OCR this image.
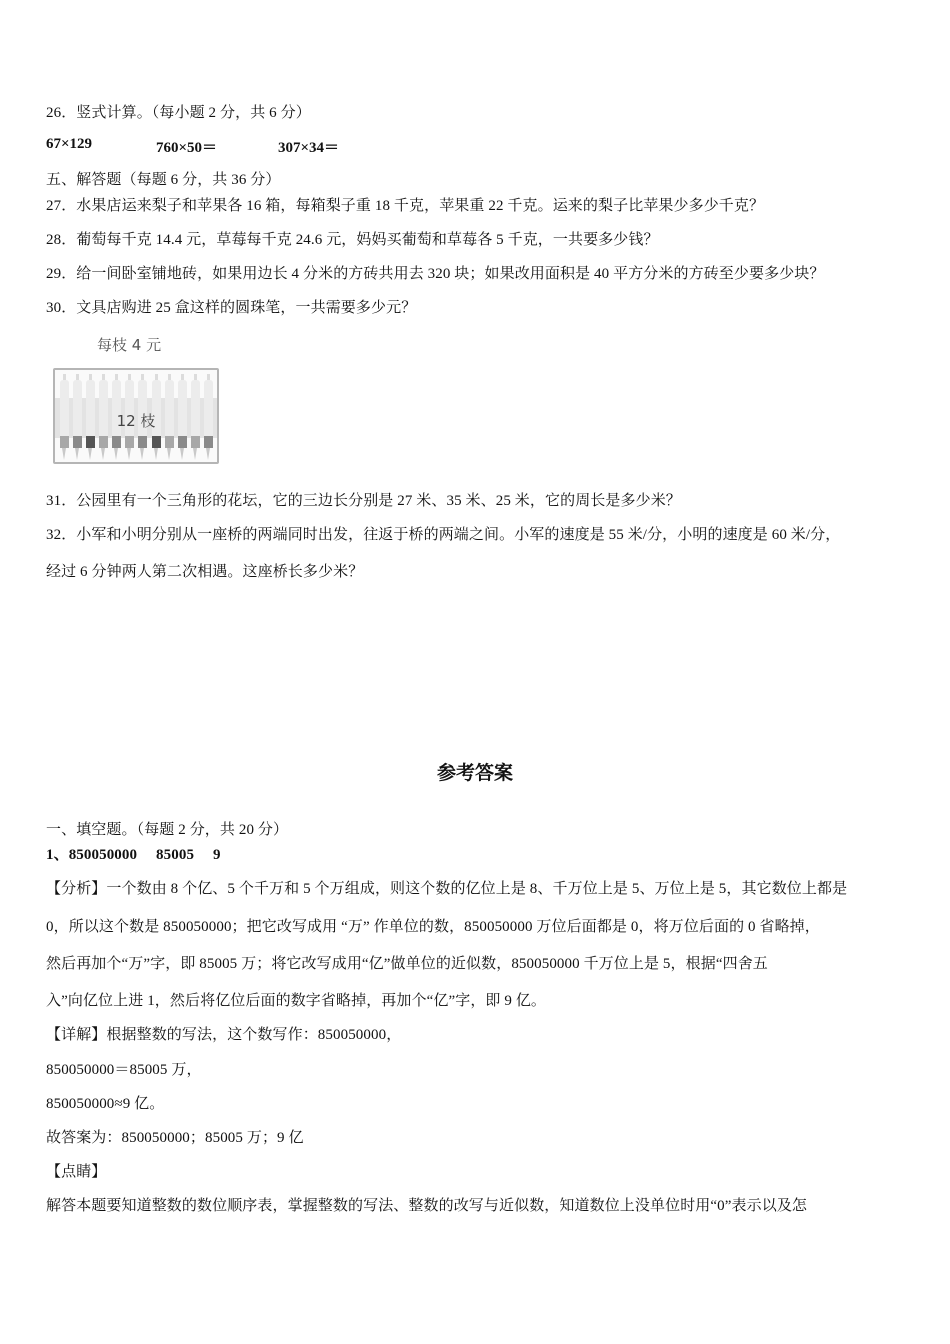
26．竖式计算。（每小题 2 分，共 6 分）
67×129	760×50＝	307×34＝
五、解答题（每题 6 分，共 36 分）
27．水果店运来梨子和苹果各 16 箱，每箱梨子重 18 千克，苹果重 22 千克。运来的梨子比苹果少多少千克？
28．葡萄每千克 14.4 元，草莓每千克 24.6 元，妈妈买葡萄和草莓各 5 千克，一共要多少钱？
29．给一间卧室铺地砖，如果用边长 4 分米的方砖共用去 320 块；如果改用面积是 40 平方分米的方砖至少要多少块？
30．文具店购进 25 盒这样的圆珠笔，一共需要多少元？
每枝 4 元
12 枝
31．公园里有一个三角形的花坛，它的三边长分别是 27 米、35 米、25 米，它的周长是多少米？
32．小军和小明分别从一座桥的两端同时出发，往返于桥的两端之间。小军的速度是 55 米/分，小明的速度是 60 米/分，
经过 6 分钟两人第二次相遇。这座桥长多少米？
参考答案
一、填空题。（每题 2 分，共 20 分）
1、850050000　 85005　 9
【分析】一个数由 8 个亿、5 个千万和 5 个万组成，则这个数的亿位上是 8、千万位上是 5、万位上是 5，其它数位上都是
0，所以这个数是 850050000；把它改写成用 “万” 作单位的数，850050000 万位后面都是 0，将万位后面的 0 省略掉，
然后再加个“万”字，即 85005 万；将它改写成用“亿”做单位的近似数，850050000 千万位上是 5，根据“四舍五
入”向亿位上进 1，然后将亿位后面的数字省略掉，再加个“亿”字，即 9 亿。
【详解】根据整数的写法，这个数写作：850050000，
850050000＝85005 万，
850050000≈9 亿。
故答案为：850050000；85005 万；9 亿
【点睛】
解答本题要知道整数的数位顺序表，掌握整数的写法、整数的改写与近似数，知道数位上没单位时用“0”表示以及怎
